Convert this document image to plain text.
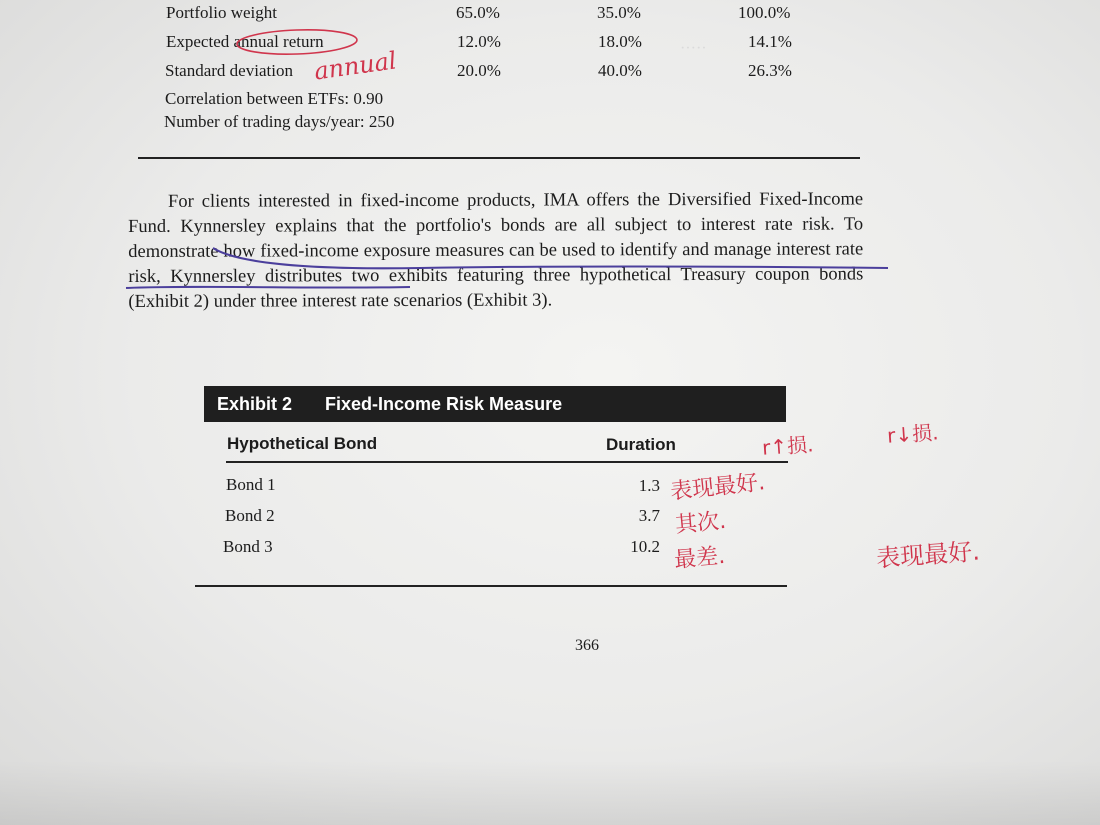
·····
Portfolio weight	65.0%	35.0%	100.0%
Expected annual return	12.0%	18.0%	14.1%
Standard deviation	20.0%	40.0%	26.3%
Correlation between ETFs: 0.90
Number of trading days/year: 250
For clients interested in fixed-income products, IMA offers the Diversified Fixed-Income Fund. Kynnersley explains that the portfolio's bonds are all subject to interest rate risk. To demonstrate how fixed-income exposure measures can be used to identify and manage interest rate risk, Kynnersley distributes two exhibits featuring three hypothetical Treasury coupon bonds (Exhibit 2) under three interest rate scenarios (Exhibit 3).
Exhibit 2 Fixed-Income Risk Measure
Hypothetical Bond	Duration
Bond 1	1.3
Bond 2	3.7
Bond 3	10.2
366
annual
r↑损.	r↓损.
表现最好.
其次.
最差.	表现最好.
